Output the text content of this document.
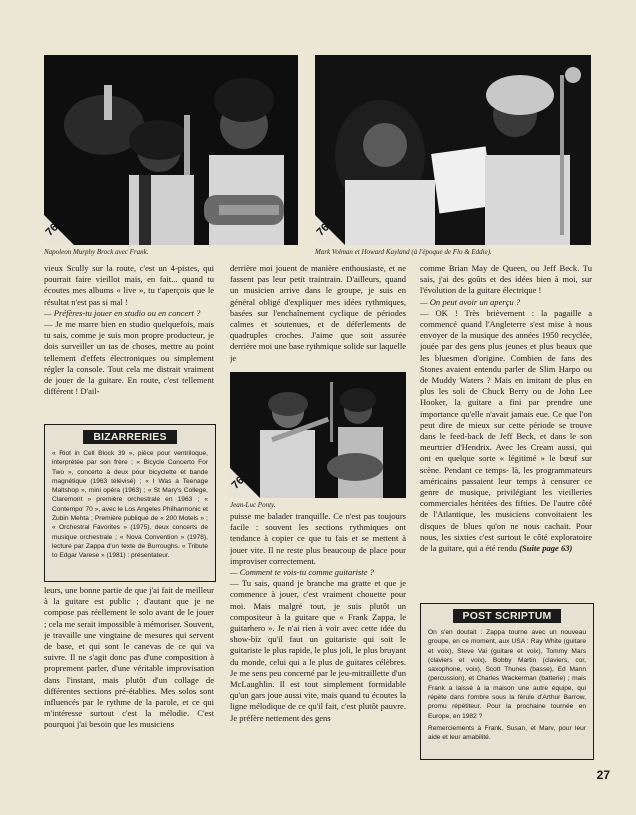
76
Napoleon Murphy Brock avec Frank.
76
Mark Volman et Howard Kayland (à l'époque de Flo & Eddie).

vieux Scully sur la route, c'est un 4-pistes, qui pourrait faire vieillot mais, en fait... quand tu écoutes mes albums « live », tu t'aperçois que le résultat n'est pas si mal !

— Préfères-tu jouer en studio ou en concert ?

— Je me marre bien en studio quelquefois, mais tu sais, comme je suis mon propre producteur, je dois surveiller un tas de choses, mettre au point tellement d'effets électroniques ou simplement régler la console. Tout cela me distrait vraiment de jouer de la guitare. En route, c'est tellement différent ! D'ail-

BIZARRERIES
« Riot in Cell Block 39 », pièce pour ventriloque, interprétée par son frère ; « Bicycle Concerto For Two », concerto à deux pour bicyclette et bande magnétique (1963 télévisé) ; « I Was a Teenage Maltshop », mini opéra (1963) ; « St Mary's College, Claremont » première orchestrale en 1963 ; « Contempo' 70 », avec le Los Angeles Philharmonic et Zubin Mehta ; Première publique de « 200 Motels » ; « Orchestral Favorites » (1975), deux concerts de musique orchestrale ; « Nova Convention » (1978), lecture par Zappa d'un texte de Burroughs. « Tribute to Edgar Varese » (1981) : présentateur.

leurs, une bonne partie de que j'ai fait de meilleur à la guitare est public ; d'autant que je ne compose pas réellement le solo avant de le jouer ; cela me serait impossible à mémoriser. Souvent, je travaille une vingtaine de mesures qui servent de base, et qui sont le canevas de ce qui va suivre. Il ne s'agit donc pas d'une composition à proprement parler, d'une véritable improvisation dans l'instant, mais plutôt d'un collage de différentes sections pré-établies. Mes solos sont influencés par le rythme de la parole, et ce qui m'intéresse surtout c'est la mélodie. C'est pourquoi j'ai besoin que les musiciens

derrière moi jouent de manière enthousiaste, et ne fassent pas leur petit traintrain. D'ailleurs, quand un musicien arrive dans le groupe, je suis en général obligé d'expliquer mes idées rythmiques, basées sur l'enchaînement cyclique de périodes calmes et soutenues, et de déferlements de quadruples croches. J'aime que soit assurée derrière moi une base rythmique solide sur laquelle je

76
Jean-Luc Ponty.

puisse me balader tranquille. Ce n'est pas toujours facile : souvent les sections rythmiques ont tendance à copier ce que tu fais et se mettent à jouer vite. Il ne reste plus beaucoup de place pour improviser correctement.

— Comment te vois-tu comme guitariste ?

— Tu sais, quand je branche ma gratte et que je commence à jouer, c'est vraiment chouette pour moi. Mais malgré tout, je suis plutôt un compositeur à la guitare que « Frank Zappa, le guitarhero ». Je n'ai rien à voir avec cette idée du show-biz qu'il faut un guitariste qui soit le guitariste le plus rapide, le plus joli, le plus bruyant du monde, celui qui a le plus de guitares célèbres. Je me sens peu concerné par le jeu-mitraillette d'un McLaughlin. Il est tout simplement formidable qu'un gars joue aussi vite, mais quand tu écoutes la ligne mélodique de ce qu'il fait, c'est plutôt pauvre. Je préfère nettement des gens

comme Brian May de Queen, ou Jeff Beck. Tu sais, j'ai des goûts et des idées bien à moi, sur l'évolution de la guitare électrique !

— On peut avoir un aperçu ?

— OK ! Très brièvement : la pagaille a commencé quand l'Angleterre s'est mise à nous envoyer de la musique des années 1950 recyclée, jouée par des gens plus jeunes et plus beaux que les bluesmen d'origine. Combien de fans des Stones avaient entendu parler de Slim Harpo ou de Muddy Waters ? Mais en imitant de plus en plus les soli de Chuck Berry ou de John Lee Hooker, la guitare a fini par prendre une importance qu'elle n'avait jamais eue. Ce que l'on peut dire de mieux sur cette période se trouve dans le feed-back de Jeff Beck, et dans le son meurtrier d'Hendrix. Avec les Cream aussi, qui ont en quelque sorte « légitimé » le bœuf sur scène. Pendant ce temps- là, les programmateurs américains passaient leur temps à censurer ce genre de musique, privilégiant les vieilleries commerciales héritées des fifties. De l'autre côté de l'Atlantique, les musiciens convoitaient les disques de blues qu'on ne nous cachait. Pour nous, les sixties c'est surtout le côté exploratoire de la guitare, qui a été rendu (Suite page 63)

POST SCRIPTUM
On s'en doutait : Zappa tourne avec un nouveau groupe, en ce moment, aux USA : Ray White (guitare et voix), Steve Vai (guitare et voix), Tommy Mars (claviers et voix), Bobby Martin (claviers, cor, saxophone, voix), Scott Thunes (basse), Ed Mann (percussion), et Charles Wackerman (batterie) ; mais Frank a laissé à la maison une autre équipe, qui répète dans l'ombre sous la férule d'Arthur Barrow, promu répétiteur. Pour la prochaine tournée en Europe, en 1982 ?
Remerciements à Frank, Susan, et Marv, pour leur aide et leur amabilité.
27
